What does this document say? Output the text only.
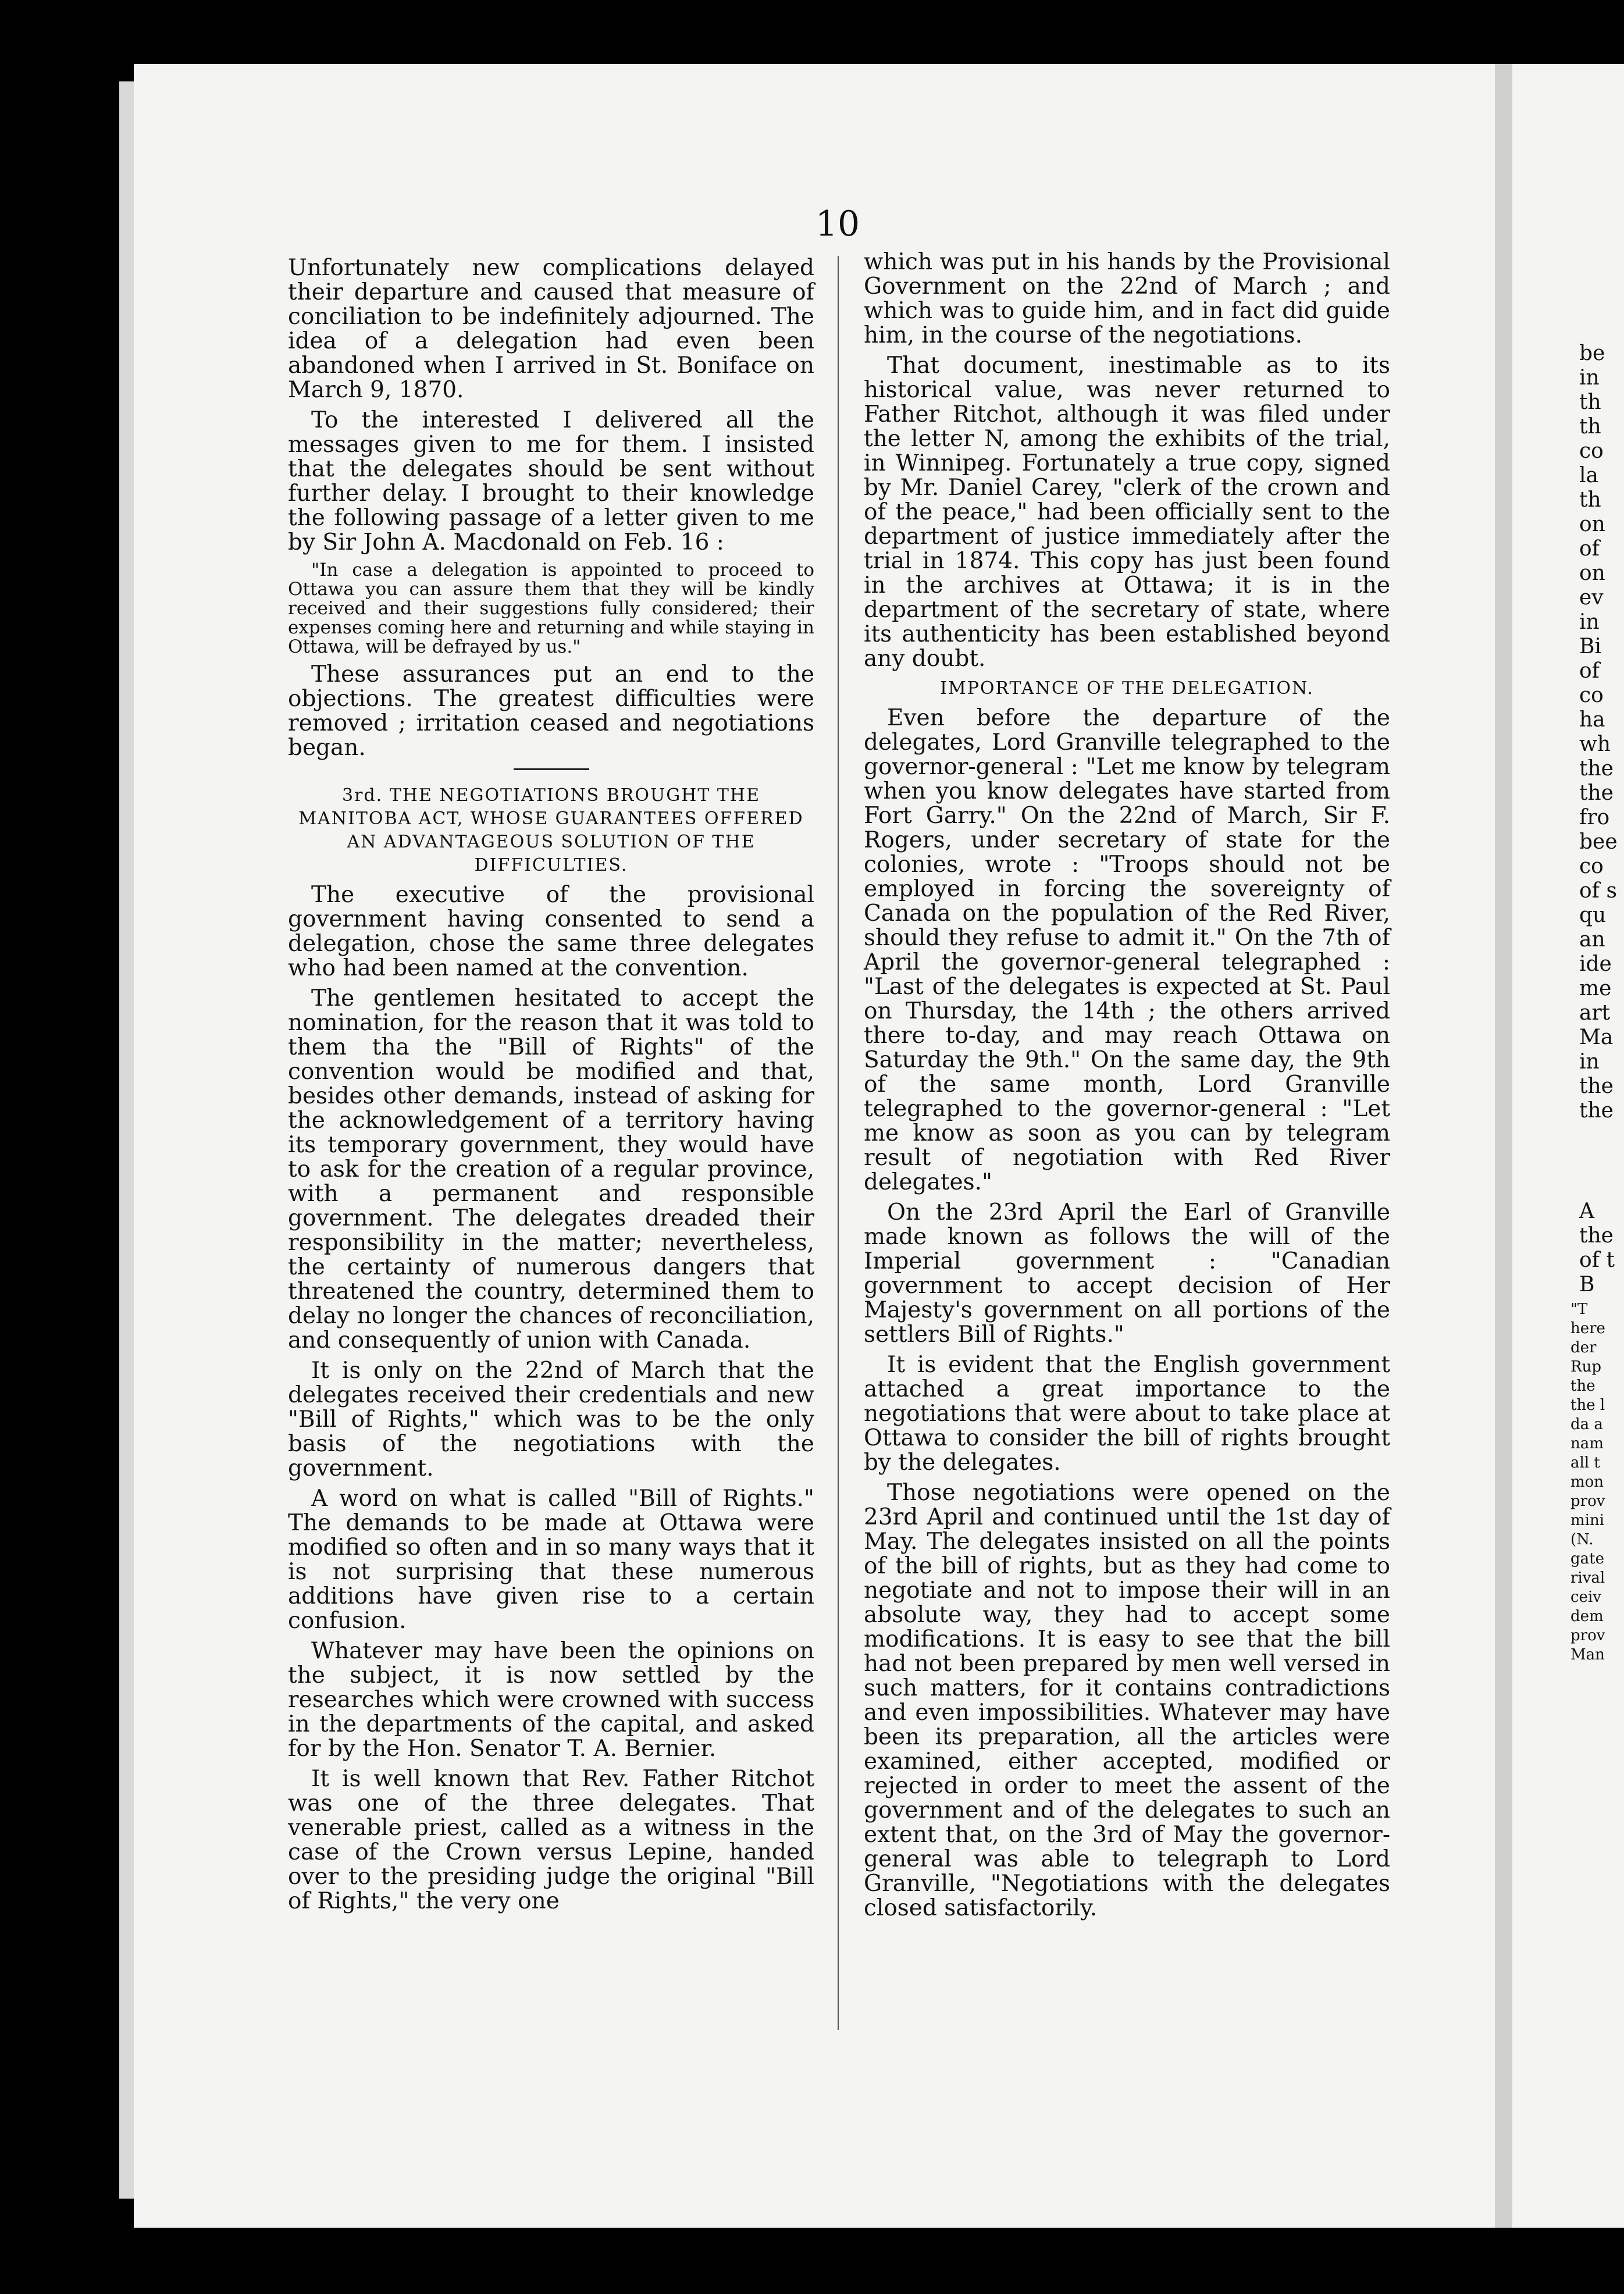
10

Unfortunately new complications delayed their departure and caused that measure of conciliation to be indefinitely adjourned. The idea of a delegation had even been abandoned when I arrived in St. Boniface on March 9, 1870.

To the interested I delivered all the messages given to me for them. I insisted that the delegates should be sent without further delay. I brought to their knowledge the following passage of a letter given to me by Sir John A. Macdonald on Feb. 16 :

"In case a delegation is appointed to proceed to Ottawa you can assure them that they will be kindly received and their suggestions fully considered; their expenses coming here and returning and while staying in Ottawa, will be defrayed by us."

These assurances put an end to the objections. The greatest difficulties were removed ; irritation ceased and negotiations began.

3rd. THE NEGOTIATIONS BROUGHT THE MANITOBA ACT, WHOSE GUARANTEES OFFERED AN ADVANTAGEOUS SOLUTION OF THE DIFFICULTIES.

The executive of the provisional government having consented to send a delegation, chose the same three delegates who had been named at the convention.

The gentlemen hesitated to accept the nomination, for the reason that it was told to them tha the "Bill of Rights" of the convention would be modified and that, besides other demands, instead of asking for the acknowledgement of a territory having its temporary government, they would have to ask for the creation of a regular province, with a permanent and responsible government. The delegates dreaded their responsibility in the matter; nevertheless, the certainty of numerous dangers that threatened the country, determined them to delay no longer the chances of reconciliation, and consequently of union with Canada.

It is only on the 22nd of March that the delegates received their credentials and new "Bill of Rights," which was to be the only basis of the negotiations with the government.

A word on what is called "Bill of Rights." The demands to be made at Ottawa were modified so often and in so many ways that it is not surprising that these numerous additions have given rise to a certain confusion.

Whatever may have been the opinions on the subject, it is now settled by the researches which were crowned with success in the departments of the capital, and asked for by the Hon. Senator T. A. Bernier.

It is well known that Rev. Father Ritchot was one of the three delegates. That venerable priest, called as a witness in the case of the Crown versus Lepine, handed over to the presiding judge the original "Bill of Rights," the very one

which was put in his hands by the Provisional Government on the 22nd of March ; and which was to guide him, and in fact did guide him, in the course of the negotiations.

That document, inestimable as to its historical value, was never returned to Father Ritchot, although it was filed under the letter N, among the exhibits of the trial, in Winnipeg. Fortunately a true copy, signed by Mr. Daniel Carey, "clerk of the crown and of the peace," had been officially sent to the department of justice immediately after the trial in 1874. This copy has just been found in the archives at Ottawa; it is in the department of the secretary of state, where its authenticity has been established beyond any doubt.

IMPORTANCE OF THE DELEGATION.

Even before the departure of the delegates, Lord Granville telegraphed to the governor-general : "Let me know by telegram when you know delegates have started from Fort Garry." On the 22nd of March, Sir F. Rogers, under secretary of state for the colonies, wrote : "Troops should not be employed in forcing the sovereignty of Canada on the population of the Red River, should they refuse to admit it." On the 7th of April the governor-general telegraphed : "Last of the delegates is expected at St. Paul on Thursday, the 14th ; the others arrived there to-day, and may reach Ottawa on Saturday the 9th." On the same day, the 9th of the same month, Lord Granville telegraphed to the governor-general : "Let me know as soon as you can by telegram result of negotiation with Red River delegates."

On the 23rd April the Earl of Granville made known as follows the will of the Imperial government : "Canadian government to accept decision of Her Majesty's government on all portions of the settlers Bill of Rights."

It is evident that the English government attached a great importance to the negotiations that were about to take place at Ottawa to consider the bill of rights brought by the delegates.

Those negotiations were opened on the 23rd April and continued until the 1st day of May. The delegates insisted on all the points of the bill of rights, but as they had come to negotiate and not to impose their will in an absolute way, they had to accept some modifications. It is easy to see that the bill had not been prepared by men well versed in such matters, for it contains contradictions and even impossibilities. Whatever may have been its preparation, all the articles were examined, either accepted, modified or rejected in order to meet the assent of the government and of the delegates to such an extent that, on the 3rd of May the governor-general was able to telegraph to Lord Granville, "Negotiations with the delegates closed satisfactorily.

be
in
th
th
co
la
th
on
of
on
ev
in
Bi
of
co
ha
wh
the
the
fro
bee
co
of s
qu
an
ide
me
art
Ma
in
the
the
A
the
of t
B
"T
here
der
Rup
the
the l
da a
nam
all t
mon
prov
mini
(N.
gate
rival
ceiv
dem
prov
Man
